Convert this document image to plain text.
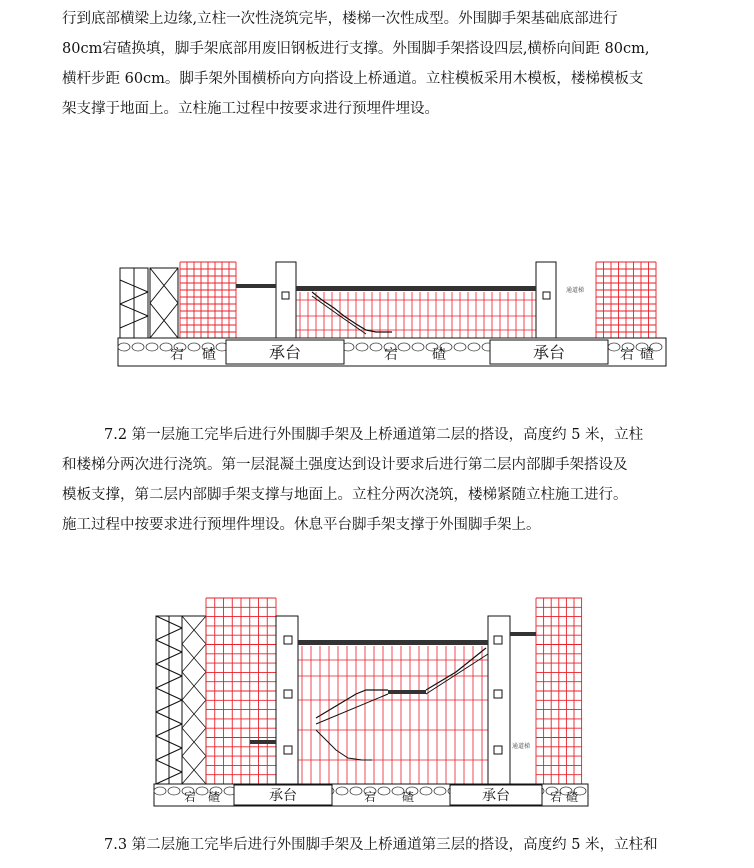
行到底部横梁上边缘,立柱一次性浇筑完毕，楼梯一次性成型。外围脚手架基础底部进行
80cm宕碴换填，脚手架底部用废旧钢板进行支撑。外围脚手架搭设四层,横桥向间距 80cm,
横杆步距 60cm。脚手架外围横桥向方向搭设上桥通道。立柱模板采用木模板，楼梯模板支
架支撑于地面上。立柱施工过程中按要求进行预埋件埋设。
通道梯
承台	承台
宕 碴	宕 碴	宕 碴
7.2 第一层施工完毕后进行外围脚手架及上桥通道第二层的搭设，高度约 5 米，立柱
和楼梯分两次进行浇筑。第一层混凝土强度达到设计要求后进行第二层内部脚手架搭设及
模板支撑，第二层内部脚手架支撑与地面上。立柱分两次浇筑，楼梯紧随立柱施工进行。
施工过程中按要求进行预埋件埋设。休息平台脚手架支撑于外围脚手架上。
通道梯
承台	承台
宕 碴	宕 碴	宕 碴
7.3 第二层施工完毕后进行外围脚手架及上桥通道第三层的搭设，高度约 5 米，立柱和
